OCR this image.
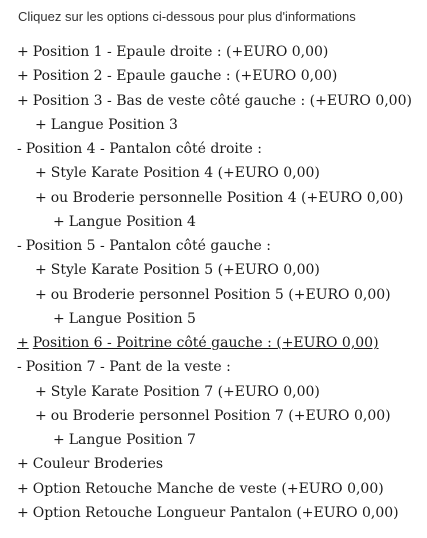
Cliquez sur les options ci-dessous pour plus d'informations
+ Position 1 - Epaule droite : (+EURO 0,00)
+ Position 2 - Epaule gauche : (+EURO 0,00)
+ Position 3 - Bas de veste côté gauche : (+EURO 0,00)
+ Langue Position 3
- Position 4 - Pantalon côté droite :
+ Style Karate Position 4 (+EURO 0,00)
+ ou Broderie personnelle Position 4 (+EURO 0,00)
+ Langue Position 4
- Position 5 - Pantalon côté gauche :
+ Style Karate Position 5 (+EURO 0,00)
+ ou Broderie personnel Position 5 (+EURO 0,00)
+ Langue Position 5
+ Position 6 - Poitrine côté gauche : (+EURO 0,00)
- Position 7 - Pant de la veste :
+ Style Karate Position 7 (+EURO 0,00)
+ ou Broderie personnel Position 7 (+EURO 0,00)
+ Langue Position 7
+ Couleur Broderies
+ Option Retouche Manche de veste (+EURO 0,00)
+ Option Retouche Longueur Pantalon (+EURO 0,00)
